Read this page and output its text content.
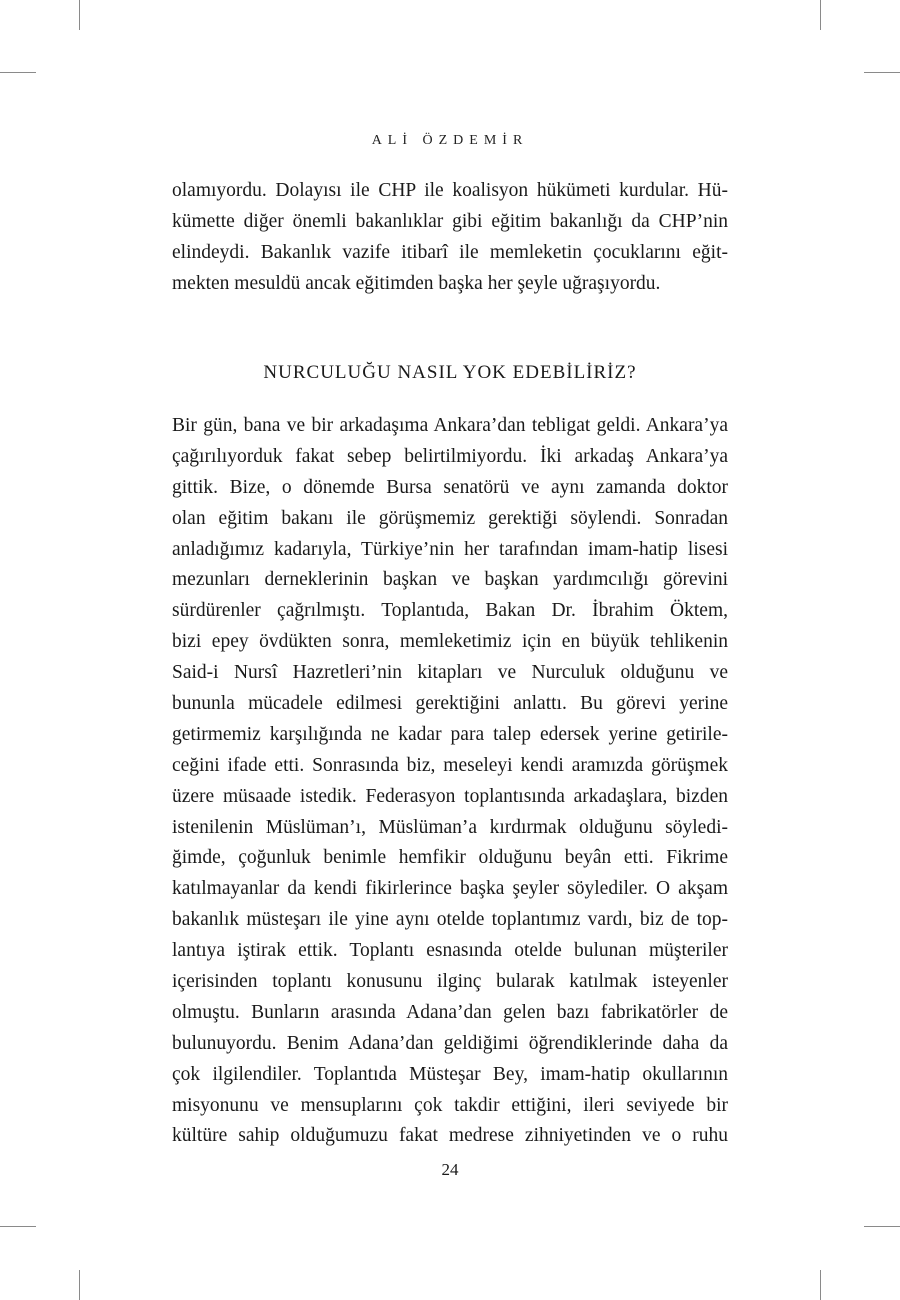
ALİ ÖZDEMİR
olamıyordu. Dolayısı ile CHP ile koalisyon hükümeti kurdular. Hü-
kümette diğer önemli bakanlıklar gibi eğitim bakanlığı da CHP’nin
elindeydi. Bakanlık vazife itibarî ile memleketin çocuklarını eğit-
mekten mesuldü ancak eğitimden başka her şeyle uğraşıyordu.
NURCULUĞU NASIL YOK EDEBİLİRİZ?
Bir gün, bana ve bir arkadaşıma Ankara’dan tebligat geldi. Ankara’ya
çağırılıyorduk fakat sebep belirtilmiyordu. İki arkadaş Ankara’ya
gittik. Bize, o dönemde Bursa senatörü ve aynı zamanda doktor
olan eğitim bakanı ile görüşmemiz gerektiği söylendi. Sonradan
anladığımız kadarıyla, Türkiye’nin her tarafından imam-hatip lisesi
mezunları derneklerinin başkan ve başkan yardımcılığı görevini
sürdürenler çağrılmıştı. Toplantıda, Bakan Dr. İbrahim Öktem,
bizi epey övdükten sonra, memleketimiz için en büyük tehlikenin
Said-i Nursî Hazretleri’nin kitapları ve Nurculuk olduğunu ve
bununla mücadele edilmesi gerektiğini anlattı. Bu görevi yerine
getirmemiz karşılığında ne kadar para talep edersek yerine getirile-
ceğini ifade etti. Sonrasında biz, meseleyi kendi aramızda görüşmek
üzere müsaade istedik. Federasyon toplantısında arkadaşlara, bizden
istenilenin Müslüman’ı, Müslüman’a kırdırmak olduğunu söyledi-
ğimde, çoğunluk benimle hemfikir olduğunu beyân etti. Fikrime
katılmayanlar da kendi fikirlerince başka şeyler söylediler. O akşam
bakanlık müsteşarı ile yine aynı otelde toplantımız vardı, biz de top-
lantıya iştirak ettik. Toplantı esnasında otelde bulunan müşteriler
içerisinden toplantı konusunu ilginç bularak katılmak isteyenler
olmuştu. Bunların arasında Adana’dan gelen bazı fabrikatörler de
bulunuyordu. Benim Adana’dan geldiğimi öğrendiklerinde daha da
çok ilgilendiler. Toplantıda Müsteşar Bey, imam-hatip okullarının
misyonunu ve mensuplarını çok takdir ettiğini, ileri seviyede bir
kültüre sahip olduğumuzu fakat medrese zihniyetinden ve o ruhu
24
